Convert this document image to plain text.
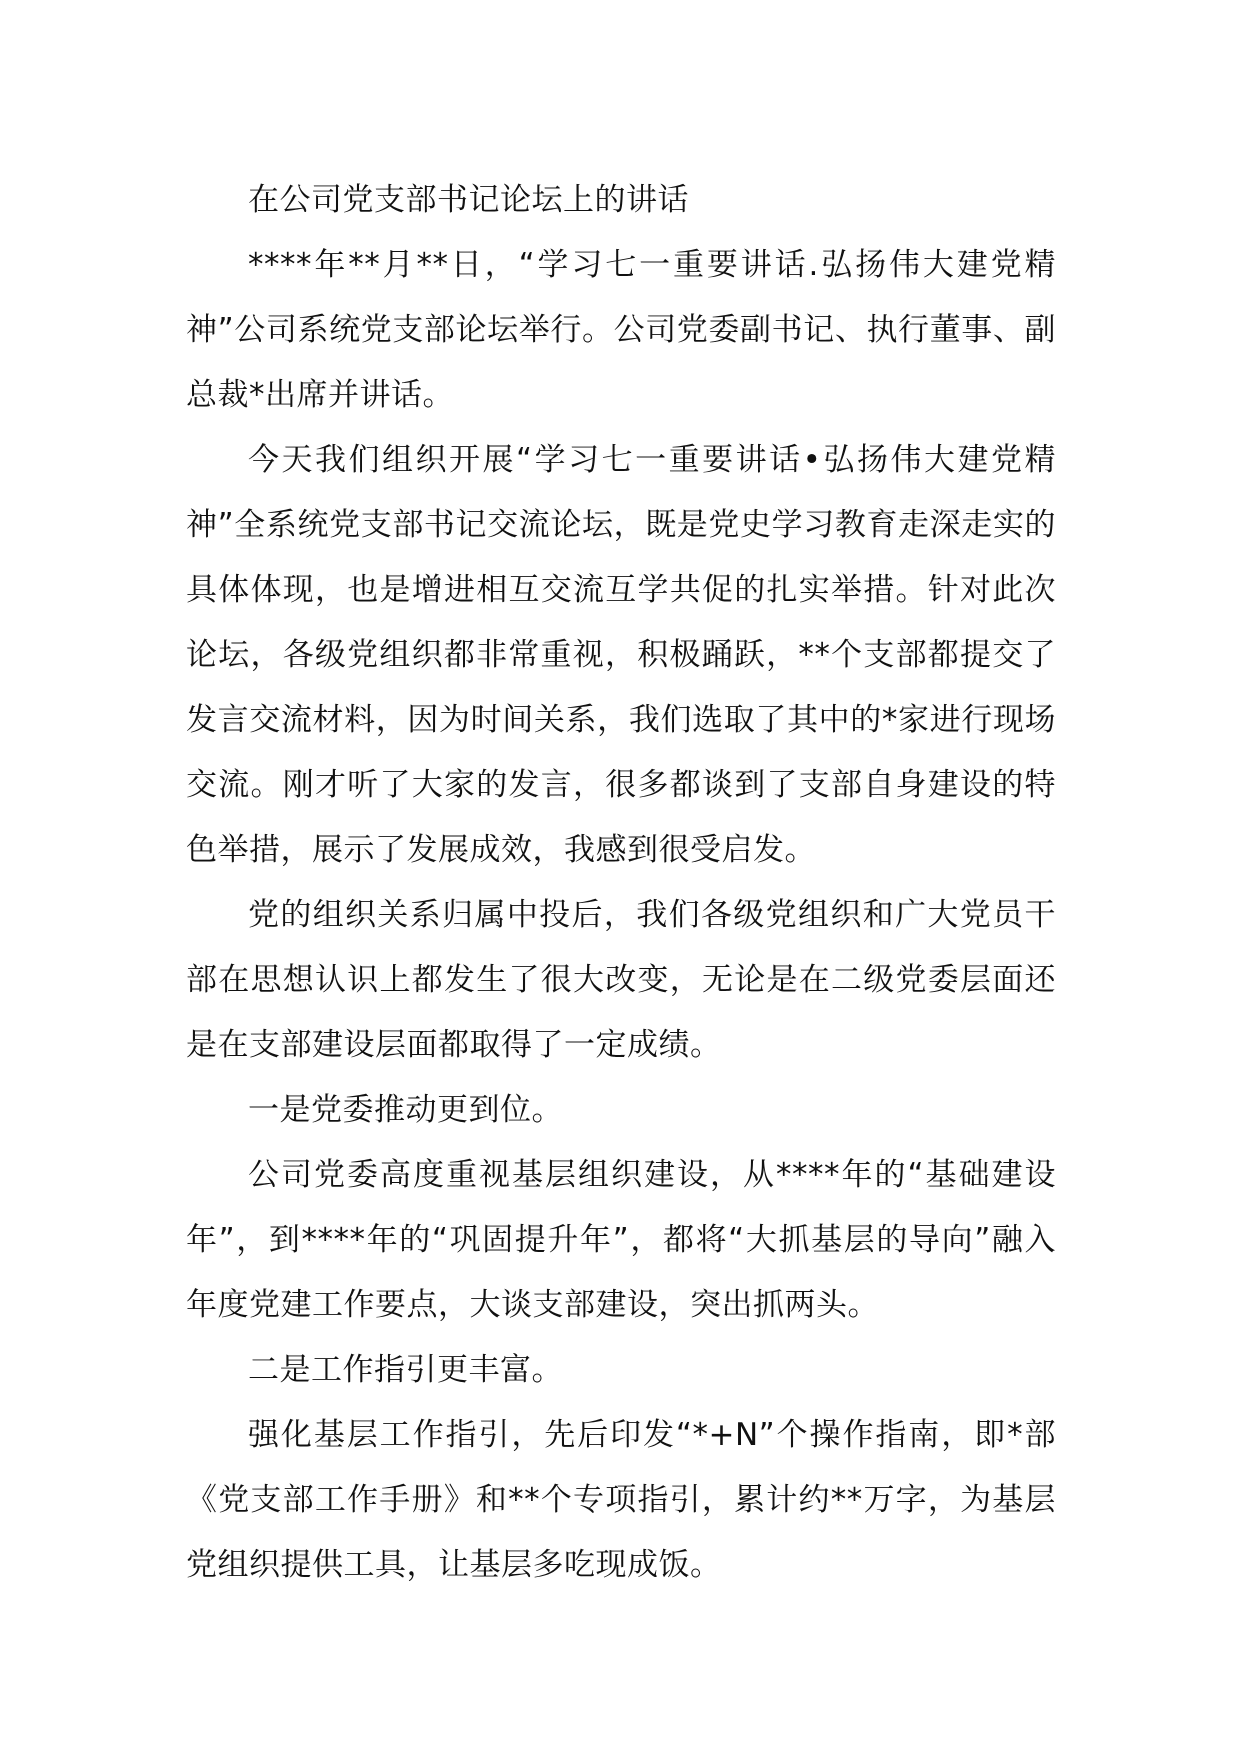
在公司党支部书记论坛上的讲话

****年**月**日，“学习七一重要讲话.弘扬伟大建党精神”公司系统党支部论坛举行。公司党委副书记、执行董事、副总裁*出席并讲话。

今天我们组织开展“学习七一重要讲话•弘扬伟大建党精神”全系统党支部书记交流论坛，既是党史学习教育走深走实的具体体现，也是增进相互交流互学共促的扎实举措。针对此次论坛，各级党组织都非常重视，积极踊跃，**个支部都提交了发言交流材料，因为时间关系，我们选取了其中的*家进行现场交流。刚才听了大家的发言，很多都谈到了支部自身建设的特色举措，展示了发展成效，我感到很受启发。

党的组织关系归属中投后，我们各级党组织和广大党员干部在思想认识上都发生了很大改变，无论是在二级党委层面还是在支部建设层面都取得了一定成绩。

一是党委推动更到位。

公司党委高度重视基层组织建设，从****年的“基础建设年”，到****年的“巩固提升年”，都将“大抓基层的导向”融入年度党建工作要点，大谈支部建设，突出抓两头。

二是工作指引更丰富。

强化基层工作指引，先后印发“*+N”个操作指南，即*部《党支部工作手册》和**个专项指引，累计约**万字，为基层党组织提供工具，让基层多吃现成饭。
